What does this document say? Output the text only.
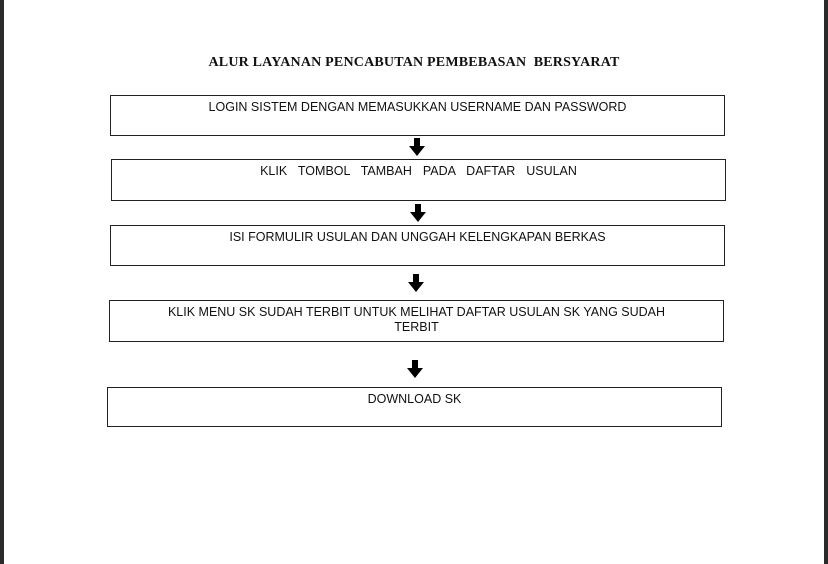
ALUR LAYANAN PENCABUTAN PEMBEBASAN  BERSYARAT
LOGIN SISTEM DENGAN MEMASUKKAN USERNAME DAN PASSWORD
KLIK  TOMBOL  TAMBAH  PADA  DAFTAR  USULAN
ISI FORMULIR USULAN DAN UNGGAH KELENGKAPAN BERKAS
KLIK MENU SK SUDAH TERBIT UNTUK MELIHAT DAFTAR USULAN SK YANG SUDAH TERBIT
DOWNLOAD SK
